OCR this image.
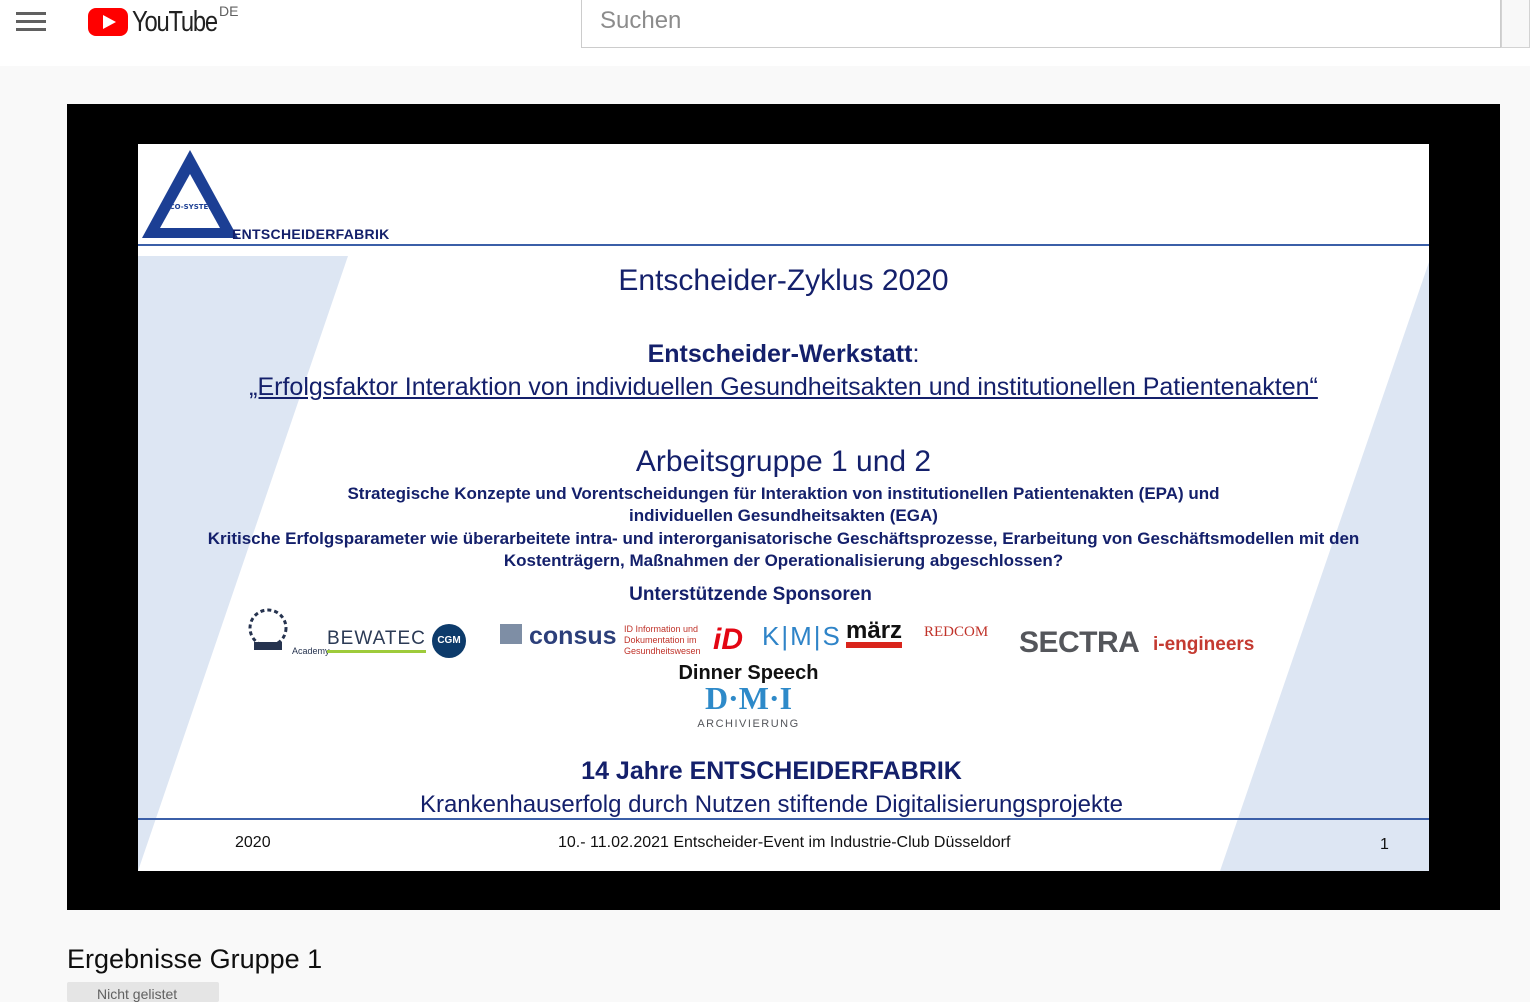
YouTube DE
Suchen
ECO-SYSTEM
ENTSCHEIDERFABRIK
Entscheider-Zyklus 2020
Entscheider-Werkstatt:
„Erfolgsfaktor Interaktion von individuellen Gesundheitsakten und institutionellen Patientenakten“
Arbeitsgruppe 1 und 2
Strategische Konzepte und Vorentscheidungen für Interaktion von institutionellen Patientenakten (EPA) und
individuellen Gesundheitsakten (EGA)
Kritische Erfolgsparameter wie überarbeitete intra- und interorganisatorische Geschäftsprozesse, Erarbeitung von Geschäftsmodellen mit den
Kostenträgern, Maßnahmen der Operationalisierung abgeschlossen?
Unterstützende Sponsoren
Academy
BEWATEC	CGM	consus ID Information und
Dokumentation im
Gesundheitswesen iD K|M|S märz REDCOM SECTRA i-engineers
Dinner Speech
D·M·I
ARCHIVIERUNG
14 Jahre ENTSCHEIDERFABRIK
Krankenhauserfolg durch Nutzen stiftende Digitalisierungsprojekte
2020	10.- 11.02.2021 Entscheider-Event im Industrie-Club Düsseldorf	1
Ergebnisse Gruppe 1
Nicht gelistet
